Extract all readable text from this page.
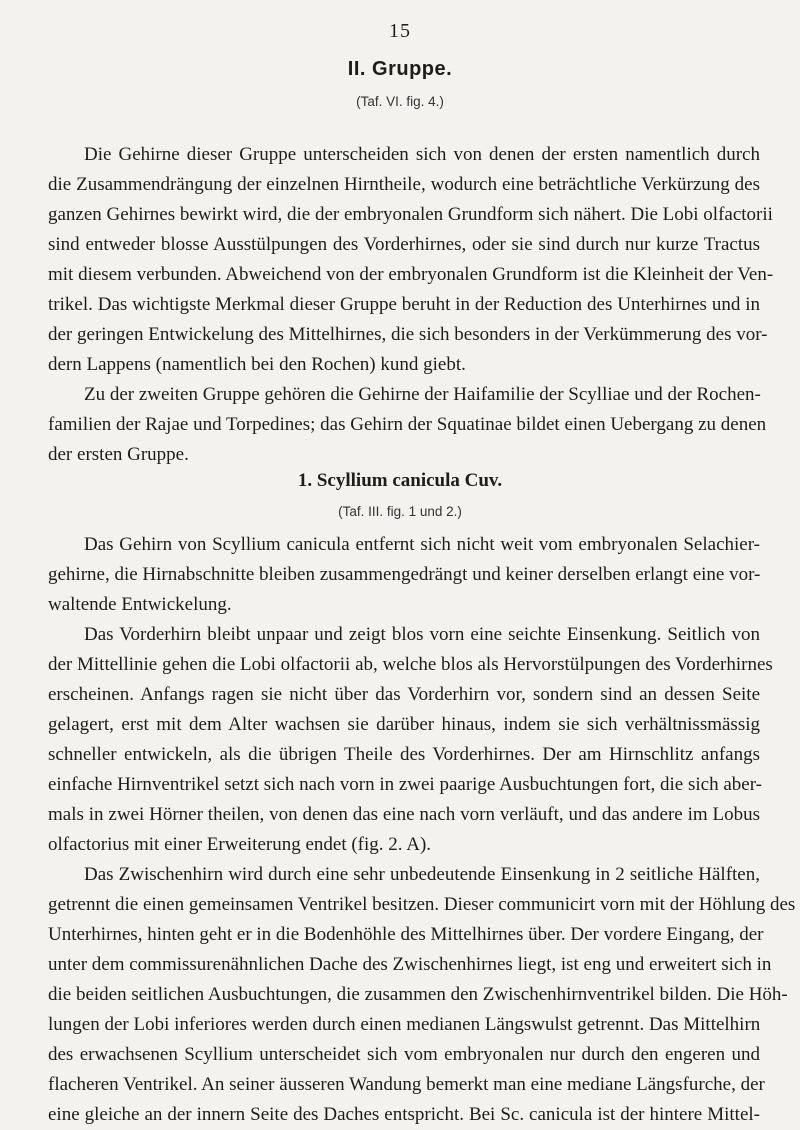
15
II. Gruppe.
(Taf. VI. fig. 4.)
Die Gehirne dieser Gruppe unterscheiden sich von denen der ersten namentlich durch
die Zusammendrängung der einzelnen Hirntheile, wodurch eine beträchtliche Verkürzung des
ganzen Gehirnes bewirkt wird, die der embryonalen Grundform sich nähert. Die Lobi olfactorii
sind entweder blosse Ausstülpungen des Vorderhirnes, oder sie sind durch nur kurze Tractus
mit diesem verbunden. Abweichend von der embryonalen Grundform ist die Kleinheit der Ven-
trikel. Das wichtigste Merkmal dieser Gruppe beruht in der Reduction des Unterhirnes und in
der geringen Entwickelung des Mittelhirnes, die sich besonders in der Verkümmerung des vor-
dern Lappens (namentlich bei den Rochen) kund giebt.
Zu der zweiten Gruppe gehören die Gehirne der Haifamilie der Scylliae und der Rochen-
familien der Rajae und Torpedines; das Gehirn der Squatinae bildet einen Uebergang zu denen
der ersten Gruppe.
1. Scyllium canicula Cuv.
(Taf. III. fig. 1 und 2.)
Das Gehirn von Scyllium canicula entfernt sich nicht weit vom embryonalen Selachier-
gehirne, die Hirnabschnitte bleiben zusammengedrängt und keiner derselben erlangt eine vor-
waltende Entwickelung.
Das Vorderhirn bleibt unpaar und zeigt blos vorn eine seichte Einsenkung. Seitlich von
der Mittellinie gehen die Lobi olfactorii ab, welche blos als Hervorstülpungen des Vorderhirnes
erscheinen. Anfangs ragen sie nicht über das Vorderhirn vor, sondern sind an dessen Seite
gelagert, erst mit dem Alter wachsen sie darüber hinaus, indem sie sich verhältnissmässig
schneller entwickeln, als die übrigen Theile des Vorderhirnes. Der am Hirnschlitz anfangs
einfache Hirnventrikel setzt sich nach vorn in zwei paarige Ausbuchtungen fort, die sich aber-
mals in zwei Hörner theilen, von denen das eine nach vorn verläuft, und das andere im Lobus
olfactorius mit einer Erweiterung endet (fig. 2. A).
Das Zwischenhirn wird durch eine sehr unbedeutende Einsenkung in 2 seitliche Hälften,
getrennt die einen gemeinsamen Ventrikel besitzen. Dieser communicirt vorn mit der Höhlung des
Unterhirnes, hinten geht er in die Bodenhöhle des Mittelhirnes über. Der vordere Eingang, der
unter dem commissurenähnlichen Dache des Zwischenhirnes liegt, ist eng und erweitert sich in
die beiden seitlichen Ausbuchtungen, die zusammen den Zwischenhirnventrikel bilden. Die Höh-
lungen der Lobi inferiores werden durch einen medianen Längswulst getrennt. Das Mittelhirn
des erwachsenen Scyllium unterscheidet sich vom embryonalen nur durch den engeren und
flacheren Ventrikel. An seiner äusseren Wandung bemerkt man eine mediane Längsfurche, der
eine gleiche an der innern Seite des Daches entspricht. Bei Sc. canicula ist der hintere Mittel-
